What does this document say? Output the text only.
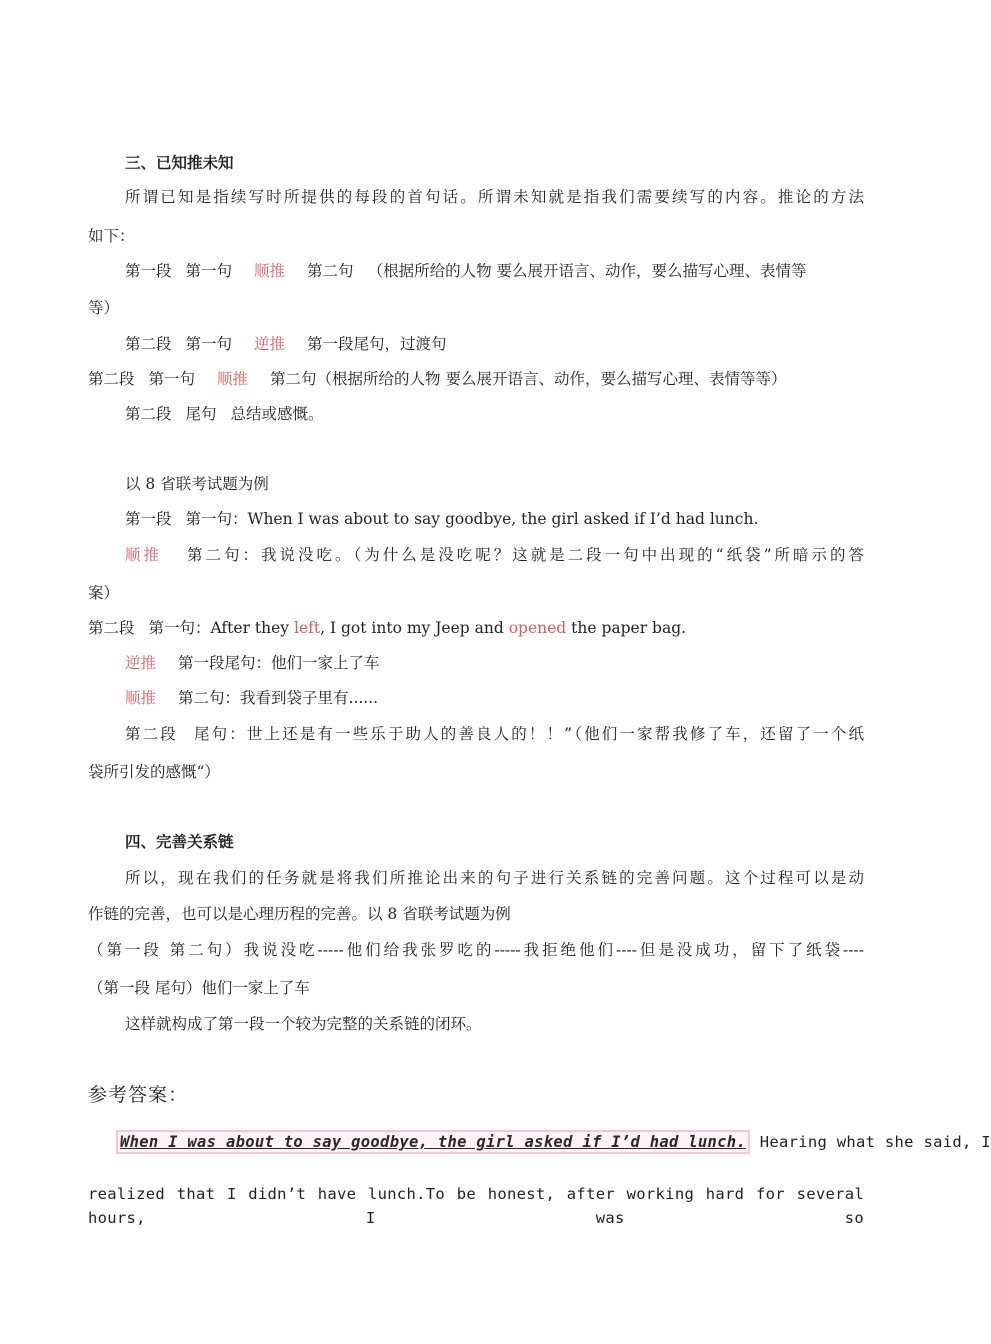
三、已知推未知
所谓已知是指续写时所提供的每段的首句话。所谓未知就是指我们需要续写的内容。推论的方法
如下：
第一段 第一句 顺推 第二句 （根据所给的人物 要么展开语言、动作，要么描写心理、表情等
等）
第二段 第一句 逆推 第一段尾句，过渡句
第二段 第一句 顺推 第二句（根据所给的人物 要么展开语言、动作，要么描写心理、表情等等）
第二段 尾句 总结或感慨。
以 8 省联考试题为例
第一段 第一句：When I was about to say goodbye, the girl asked if I’d had lunch.
顺推 第二句：我说没吃。（为什么是没吃呢？这就是二段一句中出现的“纸袋”所暗示的答
案）
第二段 第一句：After they left, I got into my Jeep and opened the paper bag.
逆推 第一段尾句：他们一家上了车
顺推 第二句：我看到袋子里有......
第二段 尾句：世上还是有一些乐于助人的善良人的！！”（他们一家帮我修了车，还留了一个纸
袋所引发的感慨“）
四、完善关系链
所以，现在我们的任务就是将我们所推论出来的句子进行关系链的完善问题。这个过程可以是动
作链的完善，也可以是心理历程的完善。以 8 省联考试题为例
（第一段 第二句）我说没吃-----他们给我张罗吃的-----我拒绝他们----但是没成功，留下了纸袋----
（第一段 尾句）他们一家上了车
这样就构成了第一段一个较为完整的关系链的闭环。
参考答案：
When I was about to say goodbye, the girl asked if I’d had lunch. Hearing what she said, I
realized that I didn’t have lunch.To be honest, after working hard for several hours, I was so
